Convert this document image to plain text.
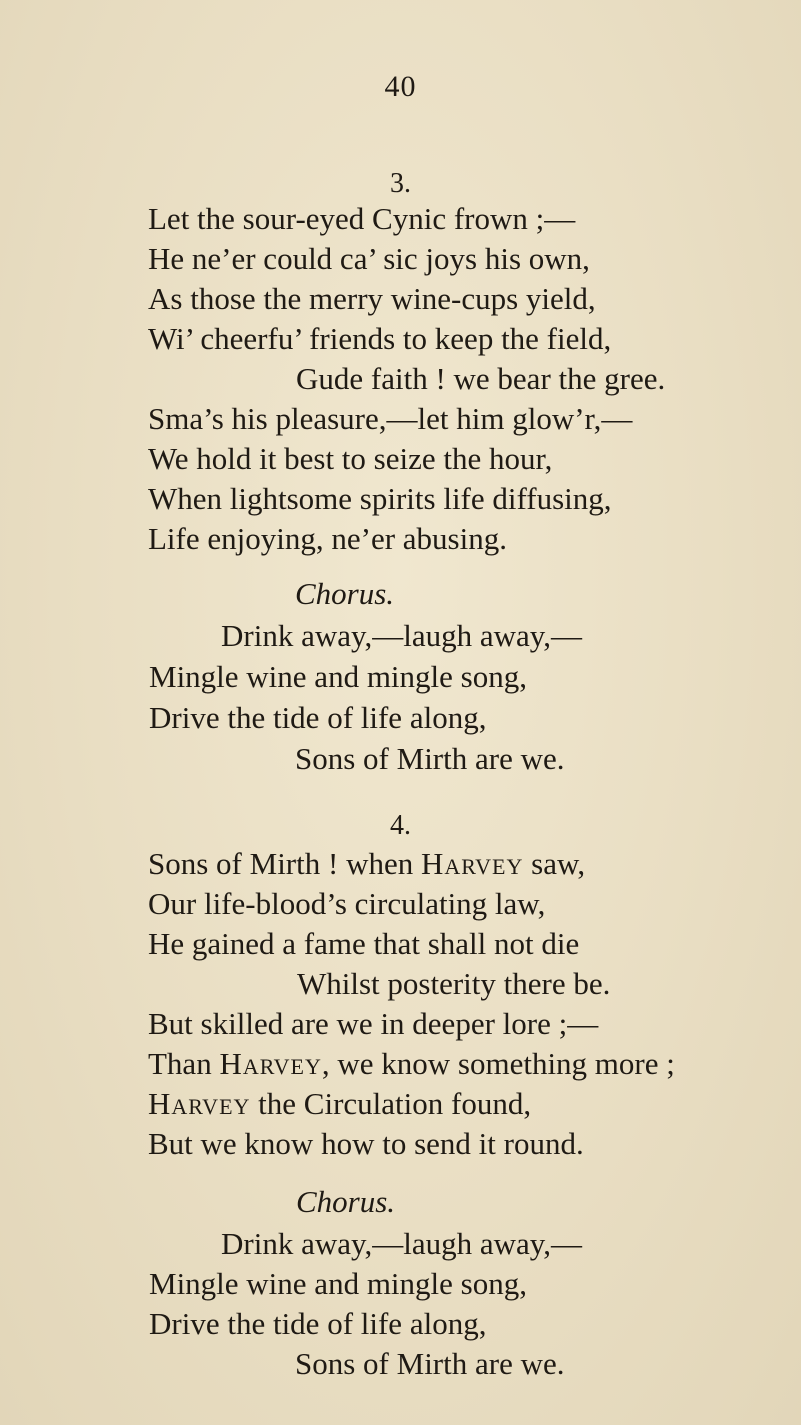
40
3.
Let the sour-eyed Cynic frown ;—
He ne’er could ca’ sic joys his own,
As those the merry wine-cups yield,
Wi’ cheerfu’ friends to keep the field,
Gude faith ! we bear the gree.
Sma’s his pleasure,—let him glow’r,—
We hold it best to seize the hour,
When lightsome spirits life diffusing,
Life enjoying, ne’er abusing.
Chorus.
Drink away,—laugh away,—
Mingle wine and mingle song,
Drive the tide of life along,
Sons of Mirth are we.
4.
Sons of Mirth ! when Harvey saw,
Our life-blood’s circulating law,
He gained a fame that shall not die
Whilst posterity there be.
But skilled are we in deeper lore ;—
Than Harvey, we know something more ;
Harvey the Circulation found,
But we know how to send it round.
Chorus.
Drink away,—laugh away,—
Mingle wine and mingle song,
Drive the tide of life along,
Sons of Mirth are we.
